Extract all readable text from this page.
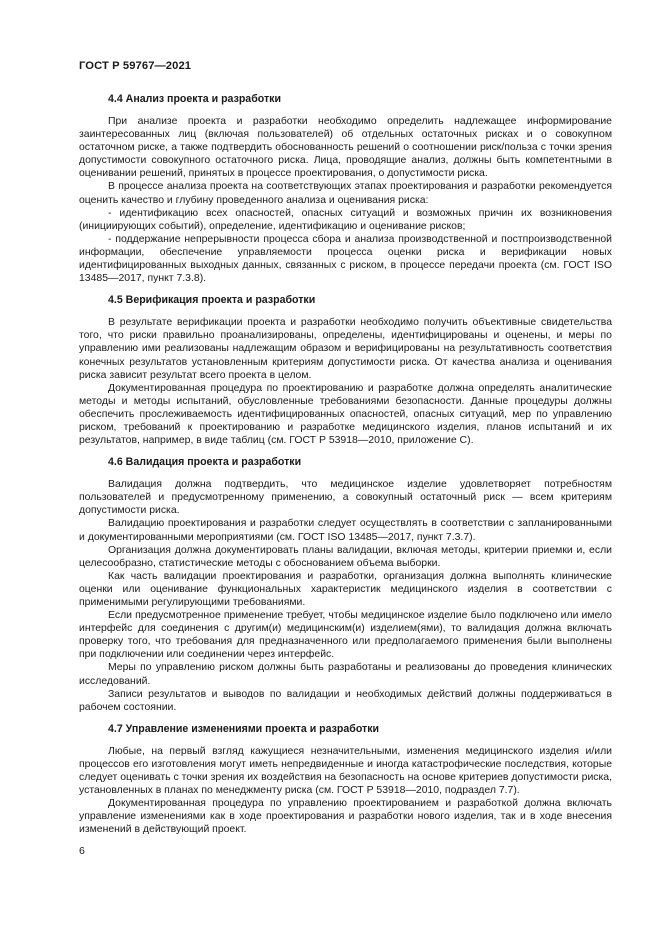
ГОСТ Р 59767—2021
4.4 Анализ проекта и разработки

При анализе проекта и разработки необходимо определить надлежащее информирование заинтересованных лиц (включая пользователей) об отдельных остаточных рисках и о совокупном остаточном риске, а также подтвердить обоснованность решений о соотношении риск/польза с точки зрения допустимости совокупного остаточного риска. Лица, проводящие анализ, должны быть компетентными в оценивании решений, принятых в процессе проектирования, о допустимости риска.

В процессе анализа проекта на соответствующих этапах проектирования и разработки рекомендуется оценить качество и глубину проведенного анализа и оценивания риска:

- идентификацию всех опасностей, опасных ситуаций и возможных причин их возникновения (инициирующих событий), определение, идентификацию и оценивание рисков;

- поддержание непрерывности процесса сбора и анализа производственной и постпроизводственной информации, обеспечение управляемости процесса оценки риска и верификации новых идентифицированных выходных данных, связанных с риском, в процессе передачи проекта (см. ГОСТ ISO 13485—2017, пункт 7.3.8).

4.5 Верификация проекта и разработки

В результате верификации проекта и разработки необходимо получить объективные свидетельства того, что риски правильно проанализированы, определены, идентифицированы и оценены, и меры по управлению ими реализованы надлежащим образом и верифицированы на результативность соответствия конечных результатов установленным критериям допустимости риска. От качества анализа и оценивания риска зависит результат всего проекта в целом.

Документированная процедура по проектированию и разработке должна определять аналитические методы и методы испытаний, обусловленные требованиями безопасности. Данные процедуры должны обеспечить прослеживаемость идентифицированных опасностей, опасных ситуаций, мер по управлению риском, требований к проектированию и разработке медицинского изделия, планов испытаний и их результатов, например, в виде таблиц (см. ГОСТ Р 53918—2010, приложение С).

4.6 Валидация проекта и разработки

Валидация должна подтвердить, что медицинское изделие удовлетворяет потребностям пользователей и предусмотренному применению, а совокупный остаточный риск — всем критериям допустимости риска.

Валидацию проектирования и разработки следует осуществлять в соответствии с запланированными и документированными мероприятиями (см. ГОСТ ISO 13485—2017, пункт 7.3.7).

Организация должна документировать планы валидации, включая методы, критерии приемки и, если целесообразно, статистические методы с обоснованием объема выборки.

Как часть валидации проектирования и разработки, организация должна выполнять клинические оценки или оценивание функциональных характеристик медицинского изделия в соответствии с применимыми регулирующими требованиями.

Если предусмотренное применение требует, чтобы медицинское изделие было подключено или имело интерфейс для соединения с другим(и) медицинским(и) изделием(ями), то валидация должна включать проверку того, что требования для предназначенного или предполагаемого применения были выполнены при подключении или соединении через интерфейс.

Меры по управлению риском должны быть разработаны и реализованы до проведения клинических исследований.

Записи результатов и выводов по валидации и необходимых действий должны поддерживаться в рабочем состоянии.

4.7 Управление изменениями проекта и разработки

Любые, на первый взгляд кажущиеся незначительными, изменения медицинского изделия и/или процессов его изготовления могут иметь непредвиденные и иногда катастрофические последствия, которые следует оценивать с точки зрения их воздействия на безопасность на основе критериев допустимости риска, установленных в планах по менеджменту риска (см. ГОСТ Р 53918—2010, подраздел 7.7).

Документированная процедура по управлению проектированием и разработкой должна включать управление изменениями как в ходе проектирования и разработки нового изделия, так и в ходе внесения изменений в действующий проект.

6
